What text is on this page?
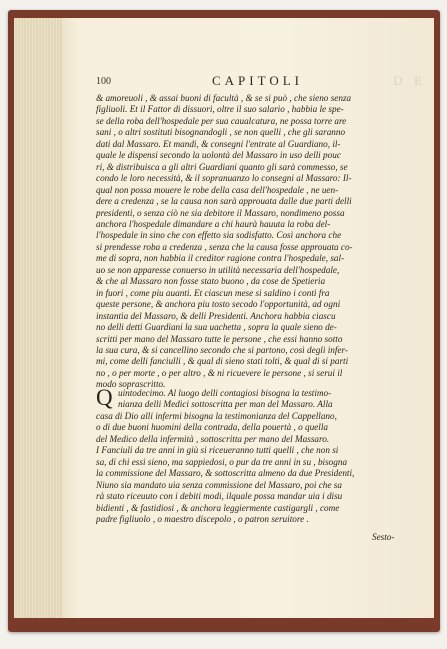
100	CAPITOLI	D E
& amoreuoli , & assai buoni di facultà , & se si può , che sieno senza
figliuoli. Et il Fattor di dissuori, oltre il suo salario , habbia le spe-
se della roba dell'hospedale per sua caualcatura, ne possa torre are
sani , o altri sostituti bisognandogli , se non quelli , che gli saranno
dati dal Massaro. Et mandi, & consegni l'entrate al Guardiano, il-
quale le dispensi secondo la uolontà del Massaro in uso delli pouc
ri, & distribuisca a gli altri Guardiani quanto gli sarà commesso, se
condo le loro necessità, & il sopranuanzo lo consegni al Massaro: Il-
qual non possa mouere le robe della casa dell'hospedale , ne uen-
dere a credenza , se la causa non sarà approuata dalle due parti delli
presidenti, o senza ciò ne sia debitore il Massaro, nondimeno possa
anchora l'hospedale dimandare a chi haurà hauuta la roba del-
l'hospedale in sino che con effetto sia sodisfatto. Così anchora che
si prendesse roba a credenza , senza che la causa fosse approuata co-
me di sopra, non habbia il creditor ragione contra l'hospedale, sal-
uo se non apparesse conuerso in utilità necessaria dell'hospedale,
& che al Massaro non fosse stato buono , da cose de Spetieria
in fuori , come piu auanti. Et ciascun mese si saldino i conti fra
queste persone, & anchora piu tosto secodo l'opportunità, ad ogni
instantia del Massaro, & delli Presidenti. Anchora habbia ciascu
no delli detti Guardiani la sua uachetta , sopra la quale sieno de-
scritti per mano del Massaro tutte le persone , che essi hanno sotto
la sua cura, & si cancellino secondo che si partono, così degli infer-
mi, come delli fanciulli , & qual di sieno stati tolti, & qual di si parti
no , o per morte , o per altro , & ni ricuevere le persone , si serui il
modo soprascritto.
Q uintodecimo. Al luogo delli contagiosi bisogna la testimo-
nianza delli Medici sottoscritta per man del Massaro. Alla
casa di Dio alli infermi bisogna la testimonianza del Cappellano,
o di due buoni huomini della contrada, della pouertà , o quella
del Medico della infermità , sottoscritta per mano del Massaro.
I Fanciuli da tre anni in giù si riceueranno tutti quelli , che non si
sa, di chi essi sieno, ma sappiedosi, o pur da tre anni in su , bisogna
la commissione del Massaro, & sottoscritta almeno da due Presidenti,
Niuno sia mandato uia senza commissione del Massaro, poi che sa
rà stato riceuuto con i debiti modi, ilquale possa mandar uia i disu
bidienti , & fastidiosi , & anchora leggiermente castigargli , come
padre figliuolo , o maestro discepolo , o patron seruitore .
Sesto-
